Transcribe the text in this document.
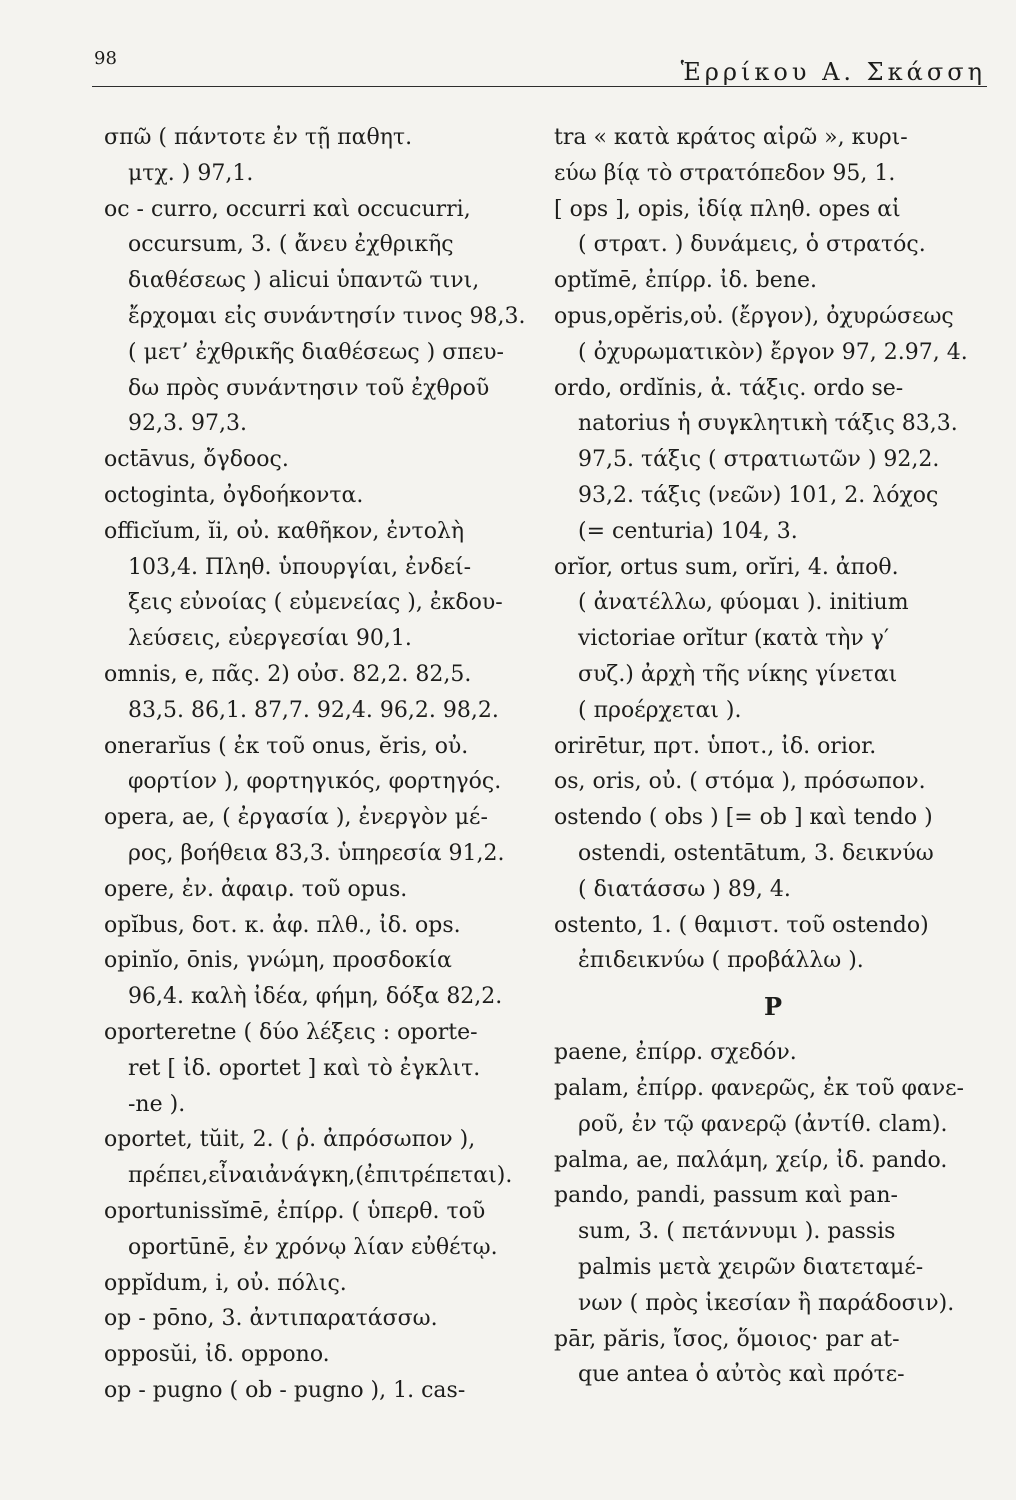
98	Ἑρρίκου Α. Σκάσση
σπῶ ( πάντοτε ἐν τῇ παθητ.
μτχ. ) 97,1.
oc - curro, occurri καὶ occucurri,
occursum, 3. ( ἄνευ ἐχθρικῆς
διαθέσεως ) alicui ὑπαντῶ τινι,
ἔρχομαι εἰς συνάντησίν τινος 98,3.
( μετ’ ἐχθρικῆς διαθέσεως ) σπευ-
δω πρὸς συνάντησιν τοῦ ἐχθροῦ
92,3. 97,3.
octāvus, ὄγδοος.
octoginta, ὀγδοήκοντα.
officĭum, ĭi, οὐ. καθῆκον, ἐντολὴ
103,4. Πληθ. ὑπουργίαι, ἐνδεί-
ξεις εὐνοίας ( εὐμενείας ), ἐκδου-
λεύσεις, εὐεργεσίαι 90,1.
omnis, e, πᾶς. 2) οὐσ. 82,2. 82,5.
83,5. 86,1. 87,7. 92,4. 96,2. 98,2.
onerarĭus ( ἐκ τοῦ onus, ĕris, οὐ.
φορτίον ), φορτηγικός, φορτηγός.
opera, ae, ( ἐργασία ), ἐνεργὸν μέ-
ρος, βοήθεια 83,3. ὑπηρεσία 91,2.
opere, ἐν. ἀφαιρ. τοῦ opus.
opĭbus, δοτ. κ. ἀφ. πλθ., ἰδ. ops.
opinĭo, ōnis, γνώμη, προσδοκία
96,4. καλὴ ἰδέα, φήμη, δόξα 82,2.
oporteretne ( δύο λέξεις : oporte-
ret [ ἰδ. oportet ] καὶ τὸ ἐγκλιτ.
-ne ).
oportet, tŭit, 2. ( ῥ. ἀπρόσωπον ),
πρέπει,εἶναιἀνάγκη,(ἐπιτρέπεται).
oportunissĭmē, ἐπίρρ. ( ὑπερθ. τοῦ
oportūnē, ἐν χρόνῳ λίαν εὐθέτῳ.
oppĭdum, i, οὐ. πόλις.
op - pōno, 3. ἀντιπαρατάσσω.
opposŭi, ἰδ. oppono.
op - pugno ( ob - pugno ), 1. cas-
tra « κατὰ κράτος αἱρῶ », κυρι-
εύω βίᾳ τὸ στρατόπεδον 95, 1.
[ ops ], opis, ἰδίᾳ πληθ. opes αἱ
( στρατ. ) δυνάμεις, ὁ στρατός.
optĭmē, ἐπίρρ. ἰδ. bene.
opus,opĕris,οὐ. (ἔργον), ὀχυρώσεως
( ὀχυρωματικὸν) ἔργον 97, 2.97, 4.
ordo, ordĭnis, ἀ. τάξις. ordo se-
natorius ἡ συγκλητικὴ τάξις 83,3.
97,5. τάξις ( στρατιωτῶν ) 92,2.
93,2. τάξις (νεῶν) 101, 2. λόχος
(= centuria) 104, 3.
orĭor, ortus sum, orĭri, 4. ἀποθ.
( ἀνατέλλω, φύομαι ). initium
victoriae orĭtur (κατὰ τὴν γ′
συζ.) ἀρχὴ τῆς νίκης γίνεται
( προέρχεται ).
orirētur, πρτ. ὑποτ., ἰδ. orior.
os, oris, οὐ. ( στόμα ), πρόσωπον.
ostendo ( obs ) [= ob ] καὶ tendo )
ostendi, ostentātum, 3. δεικνύω
( διατάσσω ) 89, 4.
ostento, 1. ( θαμιστ. τοῦ ostendo)
ἐπιδεικνύω ( προβάλλω ).
P
paene, ἐπίρρ. σχεδόν.
palam, ἐπίρρ. φανερῶς, ἐκ τοῦ φανε-
ροῦ, ἐν τῷ φανερῷ (ἀντίθ. clam).
palma, ae, παλάμη, χείρ, ἰδ. pando.
pando, pandi, passum καὶ pan-
sum, 3. ( πετάννυμι ). passis
palmis μετὰ χειρῶν διατεταμέ-
νων ( πρὸς ἱκεσίαν ἢ παράδοσιν).
pār, păris, ἴσος, ὅμοιος· par at-
que antea ὁ αὐτὸς καὶ πρότε-
